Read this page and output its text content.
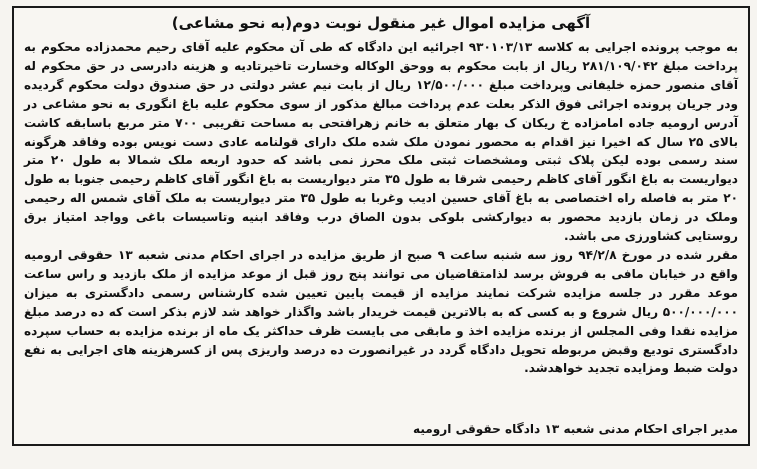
آگهی مزایده اموال غیر منقول نوبت دوم(به نحو مشاعی)

به موجب پرونده اجرایی به کلاسه ۹۳۰۱۰۳/۱۳ اجرائیه این دادگاه که طی آن محکوم علیه آقای رحیم محمدزاده محکوم به پرداخت مبلغ ۲۸۱/۱۰۹/۰۴۲ ریال از بابت محکوم به ووحق الوکاله وخسارت تاخیرتادیه و هزینه دادرسی در حق محکوم له آقای منصور حمزه خلیفانی وپرداخت مبلغ ۱۲/۵۰۰/۰۰۰ ریال از بابت نیم عشر دولتی در حق صندوق دولت محکوم گردیده ودر جریان پرونده اجرائی فوق الذکر بعلت عدم پرداخت مبالغ مذکور از سوی محکوم علیه باغ انگوری به نحو مشاعی در آدرس ارومیه جاده امامزاده خ ریکان ک بهار متعلق به خانم زهرافتحی به مساحت تقریبی ۷۰۰ متر مربع باسابقه کاشت بالای ۲۵ سال که اخیرا نیز اقدام به محصور نمودن ملک شده ملک دارای قولنامه عادی دست نویس بوده وفاقد هرگونه سند رسمی بوده لیکن پلاک ثبتی ومشخصات ثبتی ملک محرز نمی باشد که حدود اربعه ملک شمالا به طول ۲۰ متر دیواریست به باغ انگور آقای کاظم رحیمی شرقا به طول ۳۵ متر دیواریست به باغ انگور آقای کاظم رحیمی جنوبا به طول ۲۰ متر به فاصله راه اختصاصی به باغ آقای حسین ادیب وغربا به طول ۳۵ متر دیواریست به ملک آقای شمس اله رحیمی وملک در زمان بازدید محصور به دیوارکشی بلوکی بدون الصاق درب وفاقد ابنیه وتاسیسات باغی وواجد امتیاز برق روستایی کشاورزی می باشد.

مقرر شده در مورخ ۹۴/۲/۸ روز سه شنبه ساعت ۹ صبح از طریق مزایده در اجرای احکام مدنی شعبه ۱۳ حقوقی ارومیه واقع در خیابان مافی به فروش برسد لذامتقاضیان می توانند پنج روز قبل از موعد مزایده از ملک بازدید و راس ساعت موعد مقرر در جلسه مزایده شرکت نمایند مزایده از قیمت پایین تعیین شده کارشناس رسمی دادگستری به میزان ۵۰۰/۰۰۰/۰۰۰ ریال شروع و به کسی که به بالاترین قیمت خریدار باشد واگذار خواهد شد لازم بذکر است که ده درصد مبلغ مزایده نقدا وفی المجلس از برنده مزایده اخذ و مابقی می بایست ظرف حداکثر یک ماه از برنده مزایده به حساب سپرده دادگستری تودیع وقبض مربوطه تحویل دادگاه گردد در غیرانصورت ده درصد واریزی پس از کسرهزینه های اجرایی به نفع دولت ضبط ومزایده تجدید خواهدشد.

مدیر اجرای احکام مدنی شعبه ۱۳ دادگاه حقوقی ارومیه
